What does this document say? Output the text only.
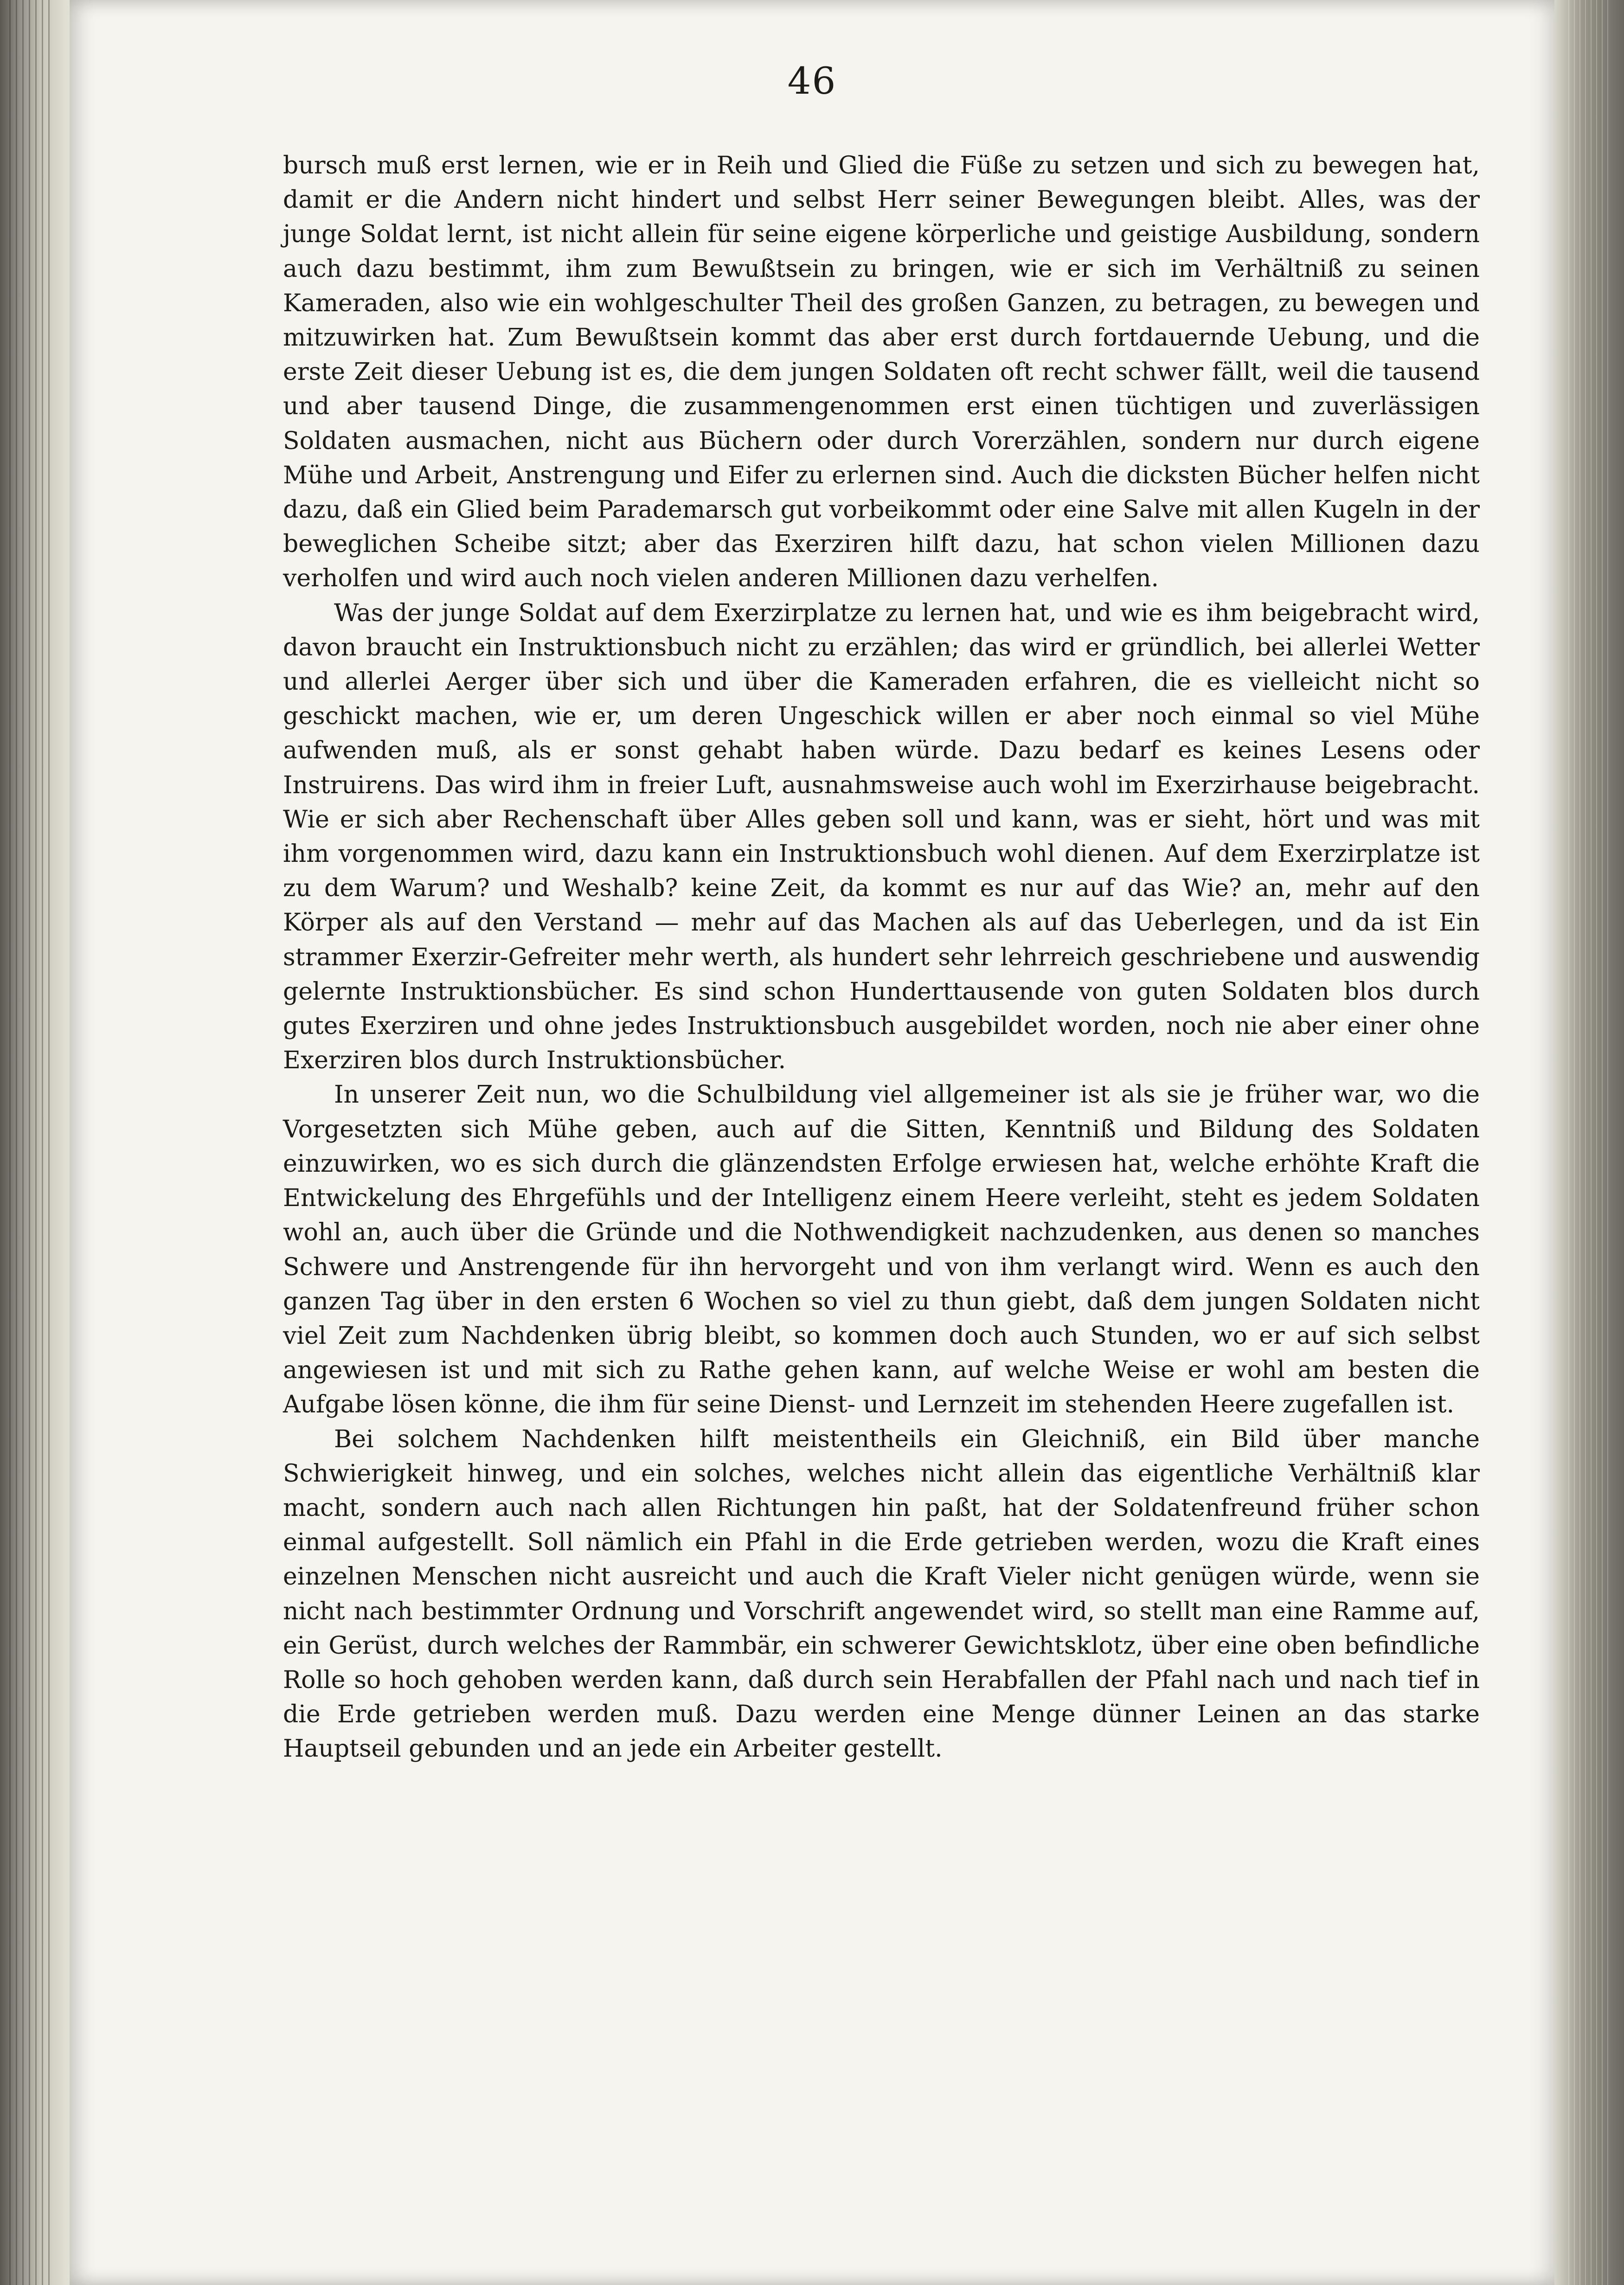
46

bursch muß erst lernen, wie er in Reih und Glied die Füße zu setzen und sich zu bewegen hat, damit er die Andern nicht hindert und selbst Herr seiner Bewegungen bleibt. Alles, was der junge Soldat lernt, ist nicht allein für seine eigene körperliche und geistige Ausbildung, sondern auch dazu bestimmt, ihm zum Bewußtsein zu bringen, wie er sich im Verhältniß zu seinen Kameraden, also wie ein wohlgeschulter Theil des großen Ganzen, zu betragen, zu bewegen und mitzuwirken hat. Zum Bewußtsein kommt das aber erst durch fortdauernde Uebung, und die erste Zeit dieser Uebung ist es, die dem jungen Soldaten oft recht schwer fällt, weil die tausend und aber tausend Dinge, die zusammengenommen erst einen tüchtigen und zuverlässigen Soldaten ausmachen, nicht aus Büchern oder durch Vorerzählen, sondern nur durch eigene Mühe und Arbeit, Anstrengung und Eifer zu erlernen sind. Auch die dicksten Bücher helfen nicht dazu, daß ein Glied beim Parademarsch gut vorbeikommt oder eine Salve mit allen Kugeln in der beweglichen Scheibe sitzt; aber das Exerziren hilft dazu, hat schon vielen Millionen dazu verholfen und wird auch noch vielen anderen Millionen dazu verhelfen.

Was der junge Soldat auf dem Exerzirplatze zu lernen hat, und wie es ihm beigebracht wird, davon braucht ein Instruktionsbuch nicht zu erzählen; das wird er gründlich, bei allerlei Wetter und allerlei Aerger über sich und über die Kameraden erfahren, die es vielleicht nicht so geschickt machen, wie er, um deren Ungeschick willen er aber noch einmal so viel Mühe aufwenden muß, als er sonst gehabt haben würde. Dazu bedarf es keines Lesens oder Instruirens. Das wird ihm in freier Luft, ausnahmsweise auch wohl im Exerzirhause beigebracht. Wie er sich aber Rechenschaft über Alles geben soll und kann, was er sieht, hört und was mit ihm vorgenommen wird, dazu kann ein Instruktionsbuch wohl dienen. Auf dem Exerzirplatze ist zu dem Warum? und Weshalb? keine Zeit, da kommt es nur auf das Wie? an, mehr auf den Körper als auf den Verstand — mehr auf das Machen als auf das Ueberlegen, und da ist Ein strammer Exerzir-Gefreiter mehr werth, als hundert sehr lehrreich geschriebene und auswendig gelernte Instruktionsbücher. Es sind schon Hunderttausende von guten Soldaten blos durch gutes Exerziren und ohne jedes Instruktionsbuch ausgebildet worden, noch nie aber einer ohne Exerziren blos durch Instruktionsbücher.

In unserer Zeit nun, wo die Schulbildung viel allgemeiner ist als sie je früher war, wo die Vorgesetzten sich Mühe geben, auch auf die Sitten, Kenntniß und Bildung des Soldaten einzuwirken, wo es sich durch die glänzendsten Erfolge erwiesen hat, welche erhöhte Kraft die Entwickelung des Ehrgefühls und der Intelligenz einem Heere verleiht, steht es jedem Soldaten wohl an, auch über die Gründe und die Nothwendigkeit nachzudenken, aus denen so manches Schwere und Anstrengende für ihn hervorgeht und von ihm verlangt wird. Wenn es auch den ganzen Tag über in den ersten 6 Wochen so viel zu thun giebt, daß dem jungen Soldaten nicht viel Zeit zum Nachdenken übrig bleibt, so kommen doch auch Stunden, wo er auf sich selbst angewiesen ist und mit sich zu Rathe gehen kann, auf welche Weise er wohl am besten die Aufgabe lösen könne, die ihm für seine Dienst- und Lernzeit im stehenden Heere zugefallen ist.

Bei solchem Nachdenken hilft meistentheils ein Gleichniß, ein Bild über manche Schwierigkeit hinweg, und ein solches, welches nicht allein das eigentliche Verhältniß klar macht, sondern auch nach allen Richtungen hin paßt, hat der Soldatenfreund früher schon einmal aufgestellt. Soll nämlich ein Pfahl in die Erde getrieben werden, wozu die Kraft eines einzelnen Menschen nicht ausreicht und auch die Kraft Vieler nicht genügen würde, wenn sie nicht nach bestimmter Ordnung und Vorschrift angewendet wird, so stellt man eine Ramme auf, ein Gerüst, durch welches der Rammbär, ein schwerer Gewichtsklotz, über eine oben befindliche Rolle so hoch gehoben werden kann, daß durch sein Herabfallen der Pfahl nach und nach tief in die Erde getrieben werden muß. Dazu werden eine Menge dünner Leinen an das starke Hauptseil gebunden und an jede ein Arbeiter gestellt.
